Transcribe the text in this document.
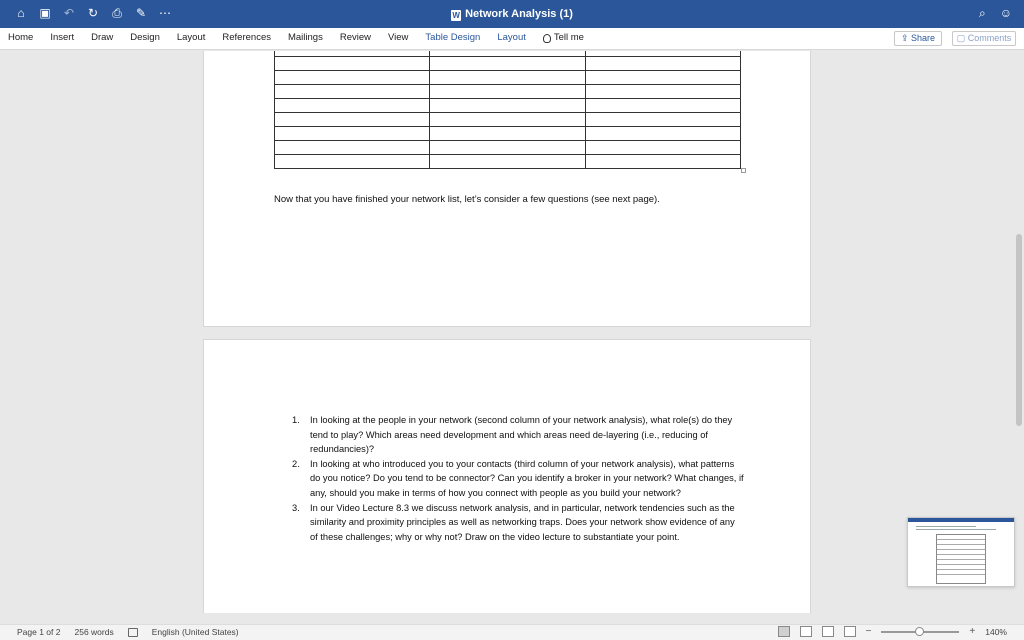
⌂ ▣ ↶ ↻ ⎙ ✎ ⋯	W Network Analysis (1)	⌕ ☺
Home Insert Draw Design Layout References Mailings Review View Table Design Layout	Tell me	⇪ Share	▢ Comments

Now that you have finished your network list, let’s consider a few questions (see next page).
1. In looking at the people in your network (second column of your network analysis), what role(s) do they tend to play? Which areas need development and which areas need de-layering (i.e., reducing of redundancies)?
2. In looking at who introduced you to your contacts (third column of your network analysis), what patterns do you notice? Do you tend to be connector? Can you identify a broker in your network? What changes, if any, should you make in terms of how you connect with people as you build your network?
3. In our Video Lecture 8.3 we discuss network analysis, and in particular, network tendencies such as the similarity and proximity principles as well as networking traps. Does your network show evidence of any of these challenges; why or why not? Draw on the video lecture to substantiate your point.
Page 1 of 2 256 words	English (United States)	−	+ 140%
